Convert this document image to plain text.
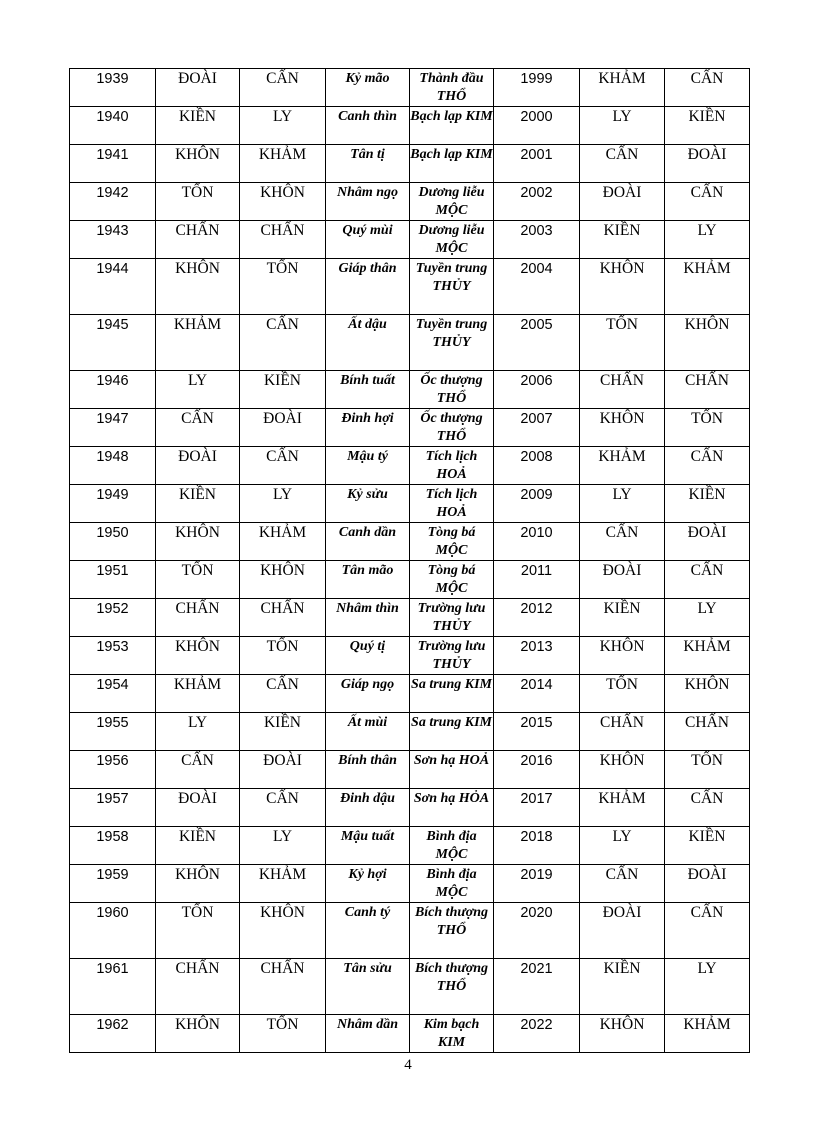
1939	ĐOÀI	CẤN	Kỷ mão	Thành đầu THỔ	1999	KHẢM	CẤN
1940	KIỀN	LY	Canh thìn	Bạch lạp KIM	2000	LY	KIỀN
1941	KHÔN	KHẢM	Tân tị	Bạch lạp KIM	2001	CẤN	ĐOÀI
1942	TỐN	KHÔN	Nhâm ngọ	Dương liễu MỘC	2002	ĐOÀI	CẤN
1943	CHẤN	CHẤN	Quý mùi	Dương liễu MỘC	2003	KIỀN	LY
1944	KHÔN	TỐN	Giáp thân	Tuyền trung THỦY	2004	KHÔN	KHẢM
1945	KHẢM	CẤN	Ất dậu	Tuyền trung THỦY	2005	TỐN	KHÔN
1946	LY	KIỀN	Bính tuất	Ốc thượng THỔ	2006	CHẤN	CHẤN
1947	CẤN	ĐOÀI	Đinh hợi	Ốc thượng THỔ	2007	KHÔN	TỐN
1948	ĐOÀI	CẤN	Mậu tý	Tích lịch HOẢ	2008	KHẢM	CẤN
1949	KIỀN	LY	Kỷ sửu	Tích lịch HOẢ	2009	LY	KIỀN
1950	KHÔN	KHẢM	Canh dần	Tòng bá MỘC	2010	CẤN	ĐOÀI
1951	TỐN	KHÔN	Tân mão	Tòng bá MỘC	2011	ĐOÀI	CẤN
1952	CHẤN	CHẤN	Nhâm thìn	Trường lưu THỦY	2012	KIỀN	LY
1953	KHÔN	TỐN	Quý tị	Trường lưu THỦY	2013	KHÔN	KHẢM
1954	KHẢM	CẤN	Giáp ngọ	Sa trung KIM	2014	TỐN	KHÔN
1955	LY	KIỀN	Ất mùi	Sa trung KIM	2015	CHẤN	CHẤN
1956	CẤN	ĐOÀI	Bính thân	Sơn hạ HOẢ	2016	KHÔN	TỐN
1957	ĐOÀI	CẤN	Đinh dậu	Sơn hạ HỎA	2017	KHẢM	CẤN
1958	KIỀN	LY	Mậu tuất	Bình địa MỘC	2018	LY	KIỀN
1959	KHÔN	KHẢM	Kỷ hợi	Bình địa MỘC	2019	CẤN	ĐOÀI
1960	TỐN	KHÔN	Canh tý	Bích thượng THỔ	2020	ĐOÀI	CẤN
1961	CHẤN	CHẤN	Tân sửu	Bích thượng THỔ	2021	KIỀN	LY
1962	KHÔN	TỐN	Nhâm dần	Kim bạch KIM	2022	KHÔN	KHẢM
4
